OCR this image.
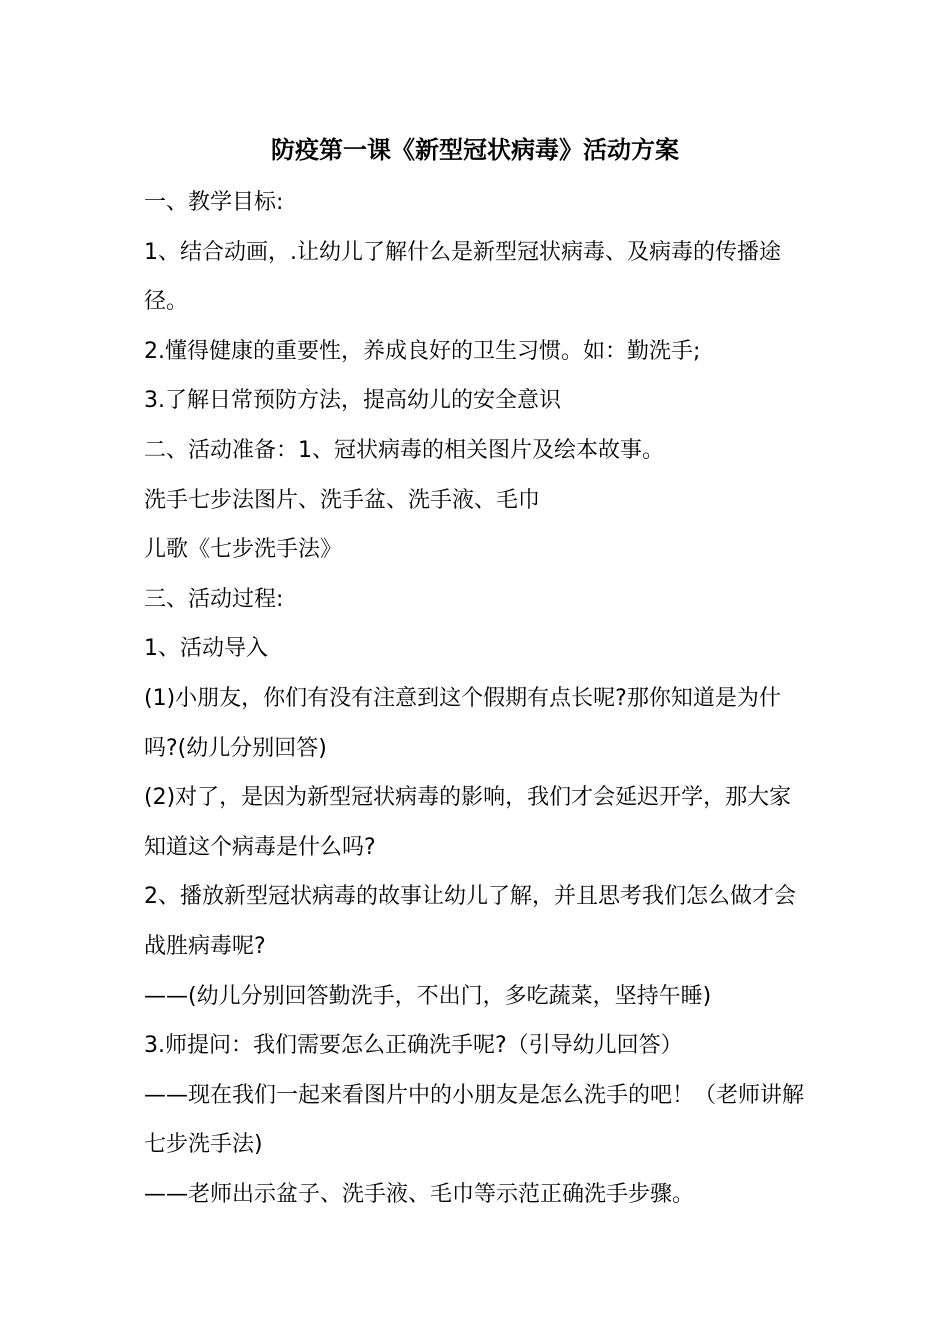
防疫第一课《新型冠状病毒》活动方案

一、教学目标:

1、结合动画，.让幼儿了解什么是新型冠状病毒、及病毒的传播途径。

2.懂得健康的重要性，养成良好的卫生习惯。如：勤洗手;

3.了解日常预防方法，提高幼儿的安全意识

二、活动准备：1、冠状病毒的相关图片及绘本故事。

洗手七步法图片、洗手盆、洗手液、毛巾

儿歌《七步洗手法》

三、活动过程:

1、活动导入

(1)小朋友，你们有没有注意到这个假期有点长呢?那你知道是为什吗?(幼儿分别回答)

(2)对了，是因为新型冠状病毒的影响，我们才会延迟开学，那大家知道这个病毒是什么吗?

2、播放新型冠状病毒的故事让幼儿了解，并且思考我们怎么做才会战胜病毒呢?

——(幼儿分别回答勤洗手，不出门，多吃蔬菜，坚持午睡)

3.师提问：我们需要怎么正确洗手呢?（引导幼儿回答）

——现在我们一起来看图片中的小朋友是怎么洗手的吧！（老师讲解七步洗手法)

——老师出示盆子、洗手液、毛巾等示范正确洗手步骤。
